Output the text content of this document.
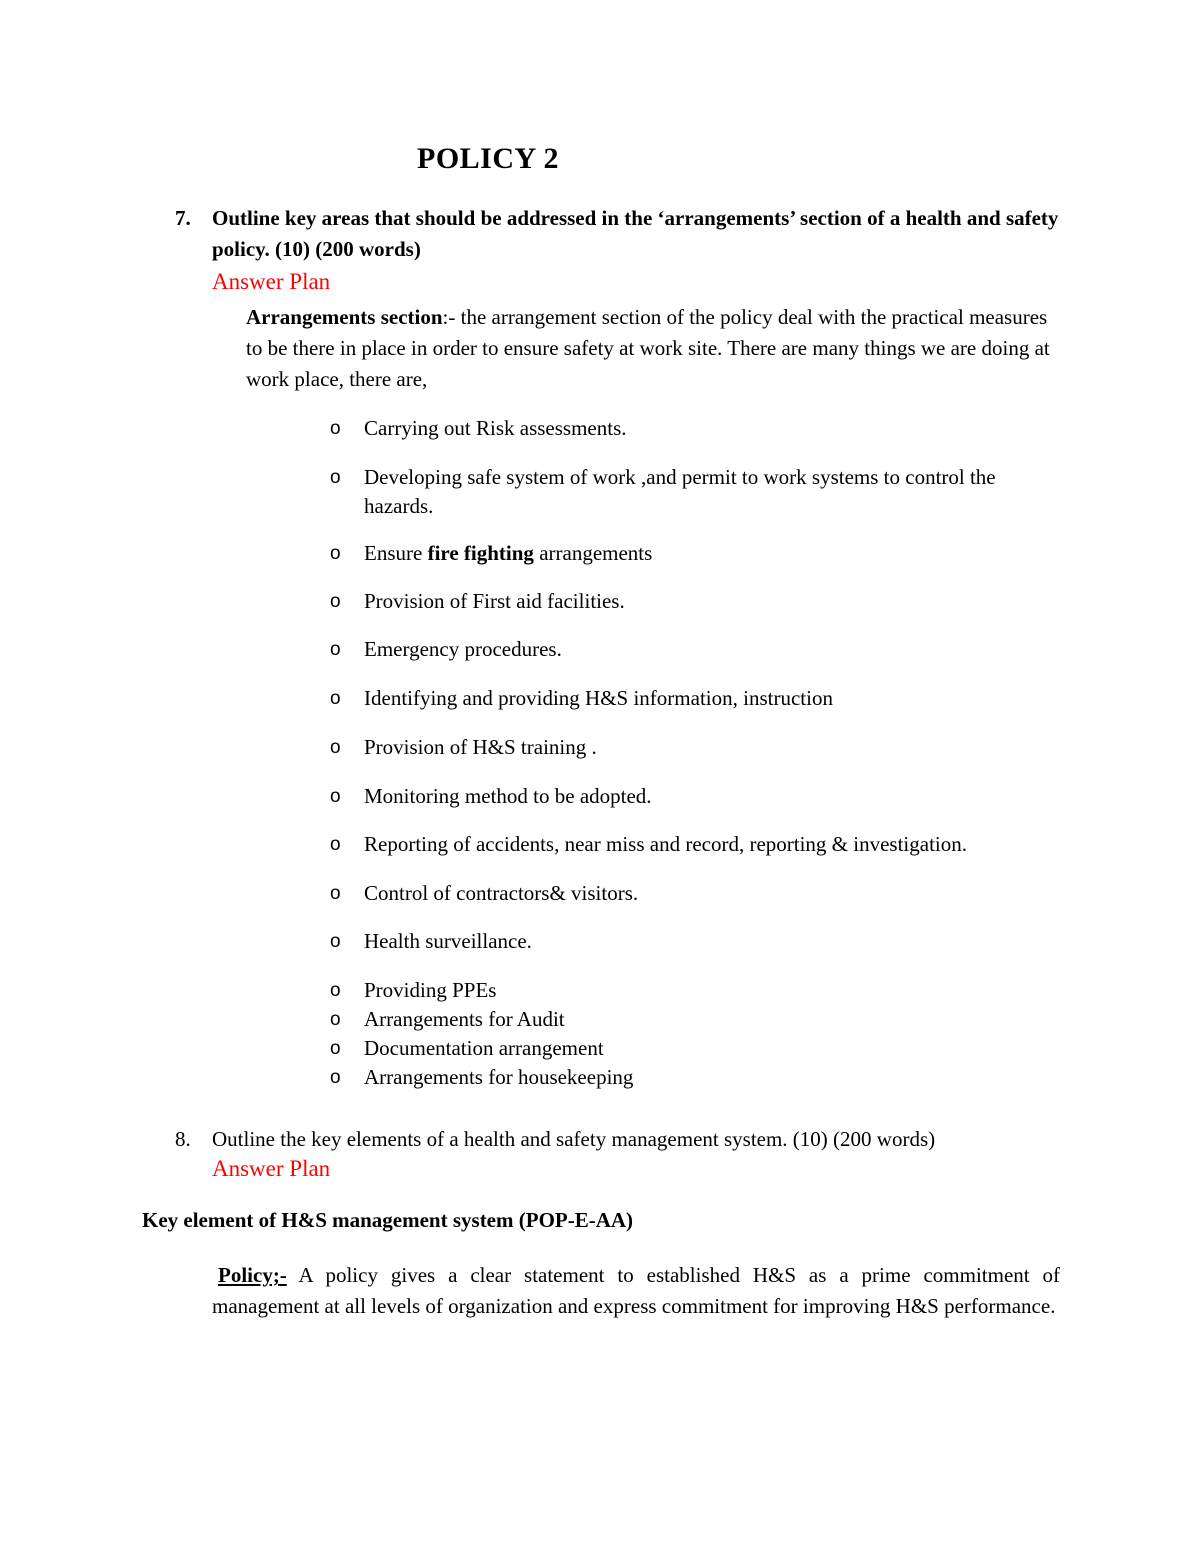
POLICY 2
7. Outline key areas that should be addressed in the ‘arrangements’ section of a health and safety policy. (10) (200 words)
Answer Plan
Arrangements section:- the arrangement section of the policy deal with the practical measures to be there in place in order to ensure safety at work site. There are many things we are doing at work place, there are,
o Carrying out Risk assessments.
o Developing safe system of work ,and permit to work systems to control the hazards.
o Ensure fire fighting arrangements
o Provision of First aid facilities.
o Emergency procedures.
o Identifying and providing H&S information, instruction
o Provision of H&S training .
o Monitoring method to be adopted.
o Reporting of accidents, near miss and record, reporting & investigation.
o Control of contractors& visitors.
o Health surveillance.
o Providing PPEs
o Arrangements for Audit
o Documentation arrangement
o Arrangements for housekeeping
8. Outline the key elements of a health and safety management system. (10) (200 words)
Answer Plan
Key element of H&S management system (POP-E-AA)
Policy;- A policy gives a clear statement to established H&S as a prime commitment of management at all levels of organization and express commitment for improving H&S performance.
